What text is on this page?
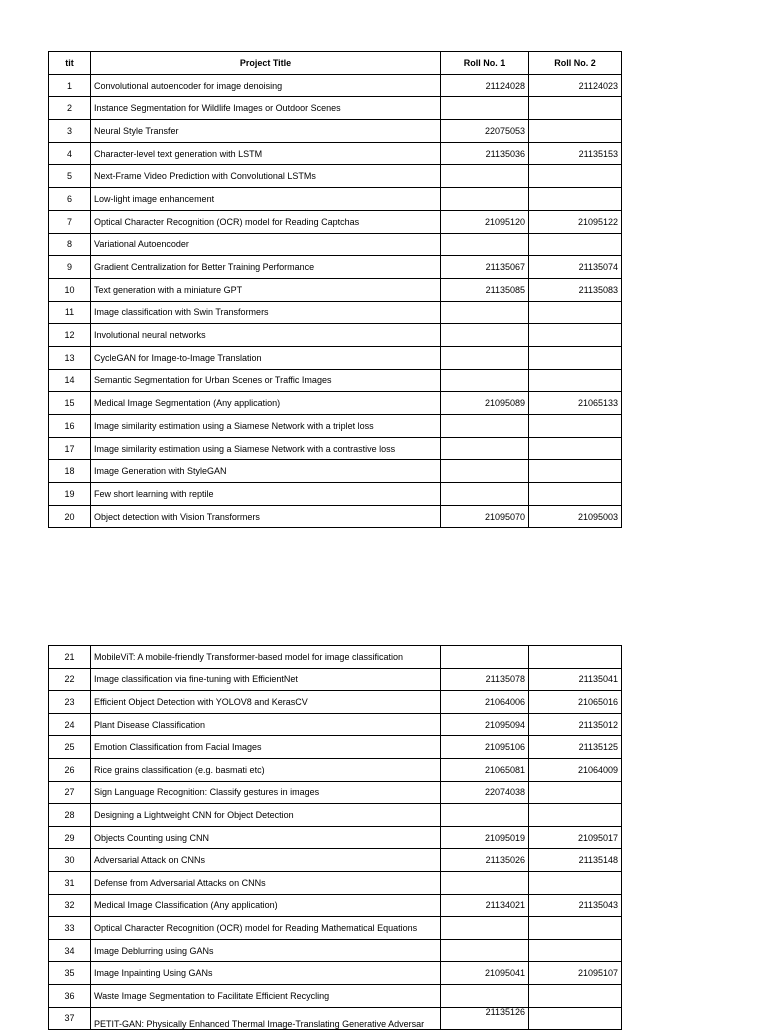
tit	Project Title	Roll No. 1	Roll No. 2
1	Convolutional autoencoder for image denoising	21124028	21124023
2	Instance Segmentation for Wildlife Images or Outdoor Scenes		
3	Neural Style Transfer	22075053	
4	Character-level text generation with LSTM	21135036	21135153
5	Next-Frame Video Prediction with Convolutional LSTMs		
6	Low-light image enhancement		
7	Optical Character Recognition (OCR) model for Reading Captchas	21095120	21095122
8	Variational Autoencoder		
9	Gradient Centralization for Better Training Performance	21135067	21135074
10	Text generation with a miniature GPT	21135085	21135083
11	Image classification with Swin Transformers		
12	Involutional neural networks		
13	CycleGAN for Image-to-Image Translation		
14	Semantic Segmentation for Urban Scenes or Traffic Images		
15	Medical Image Segmentation (Any application)	21095089	21065133
16	Image similarity estimation using a Siamese Network with a triplet loss		
17	Image similarity estimation using a Siamese Network with a contrastive loss		
18	Image Generation with StyleGAN		
19	Few short learning with reptile		
20	Object detection with Vision Transformers	21095070	21095003
21	MobileViT: A mobile-friendly Transformer-based model for image classification		
22	Image classification via fine-tuning with EfficientNet	21135078	21135041
23	Efficient Object Detection with YOLOV8 and KerasCV	21064006	21065016
24	Plant Disease Classification	21095094	21135012
25	Emotion Classification from Facial Images	21095106	21135125
26	Rice grains classification (e.g. basmati etc)	21065081	21064009
27	Sign Language Recognition: Classify gestures in images	22074038	
28	Designing a Lightweight CNN for Object Detection		
29	Objects Counting using CNN	21095019	21095017
30	Adversarial Attack on CNNs	21135026	21135148
31	Defense from Adversarial Attacks on CNNs		
32	Medical Image Classification (Any application)	21134021	21135043
33	Optical Character Recognition (OCR) model for Reading Mathematical Equations		
34	Image Deblurring using GANs		
35	Image Inpainting Using GANs	21095041	21095107
36	Waste Image Segmentation to Facilitate Efficient Recycling		
37	PETIT-GAN: Physically Enhanced Thermal Image-Translating Generative Adversar	21135126	
